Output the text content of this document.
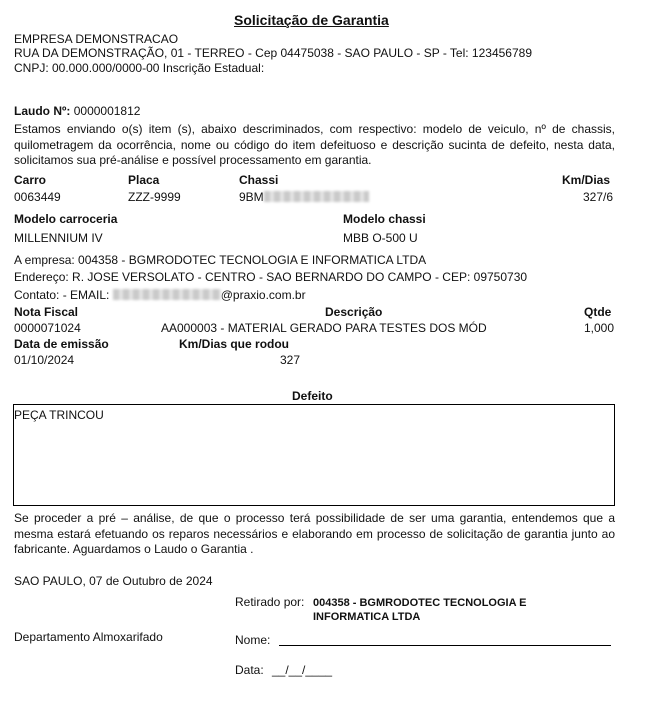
Solicitação de Garantia
EMPRESA DEMONSTRACAO
RUA DA DEMONSTRAÇÃO, 01 - TERREO - Cep 04475038 - SAO PAULO - SP - Tel: 123456789
CNPJ: 00.000.000/0000-00 Inscrição Estadual:
Laudo Nº: 0000001812
Estamos enviando o(s) item (s), abaixo descriminados, com respectivo: modelo de veiculo, nº de chassis, quilometragem da ocorrência, nome ou código do item defeituoso e descrição sucinta de defeito, nesta data, solicitamos sua pré-análise e possível processamento em garantia.
Carro	Placa	Chassi	Km/Dias
0063449	ZZZ-9999	9BM	327/6
Modelo carroceria	Modelo chassi
MILLENNIUM IV	MBB O-500 U
A empresa: 004358 - BGMRODOTEC TECNOLOGIA E INFORMATICA LTDA
Endereço: R. JOSE VERSOLATO - CENTRO - SAO BERNARDO DO CAMPO - CEP: 09750730
Contato: - EMAIL:	@praxio.com.br
Nota Fiscal	Descrição	Qtde
0000071024	AA000003 - MATERIAL GERADO PARA TESTES DOS MÓD	1,000
Data de emissão	Km/Dias que rodou
01/10/2024	327
Defeito
PEÇA TRINCOU
Se proceder a pré – análise, de que o processo terá possibilidade de ser uma garantia, entendemos que a mesma estará efetuando os reparos necessários e elaborando em processo de solicitação de garantia junto ao fabricante. Aguardamos o Laudo o Garantia .
SAO PAULO, 07 de Outubro de 2024
Retirado por: 004358 - BGMRODOTEC TECNOLOGIA E
INFORMATICA LTDA
Departamento Almoxarifado	Nome:
Data: __/__/____
